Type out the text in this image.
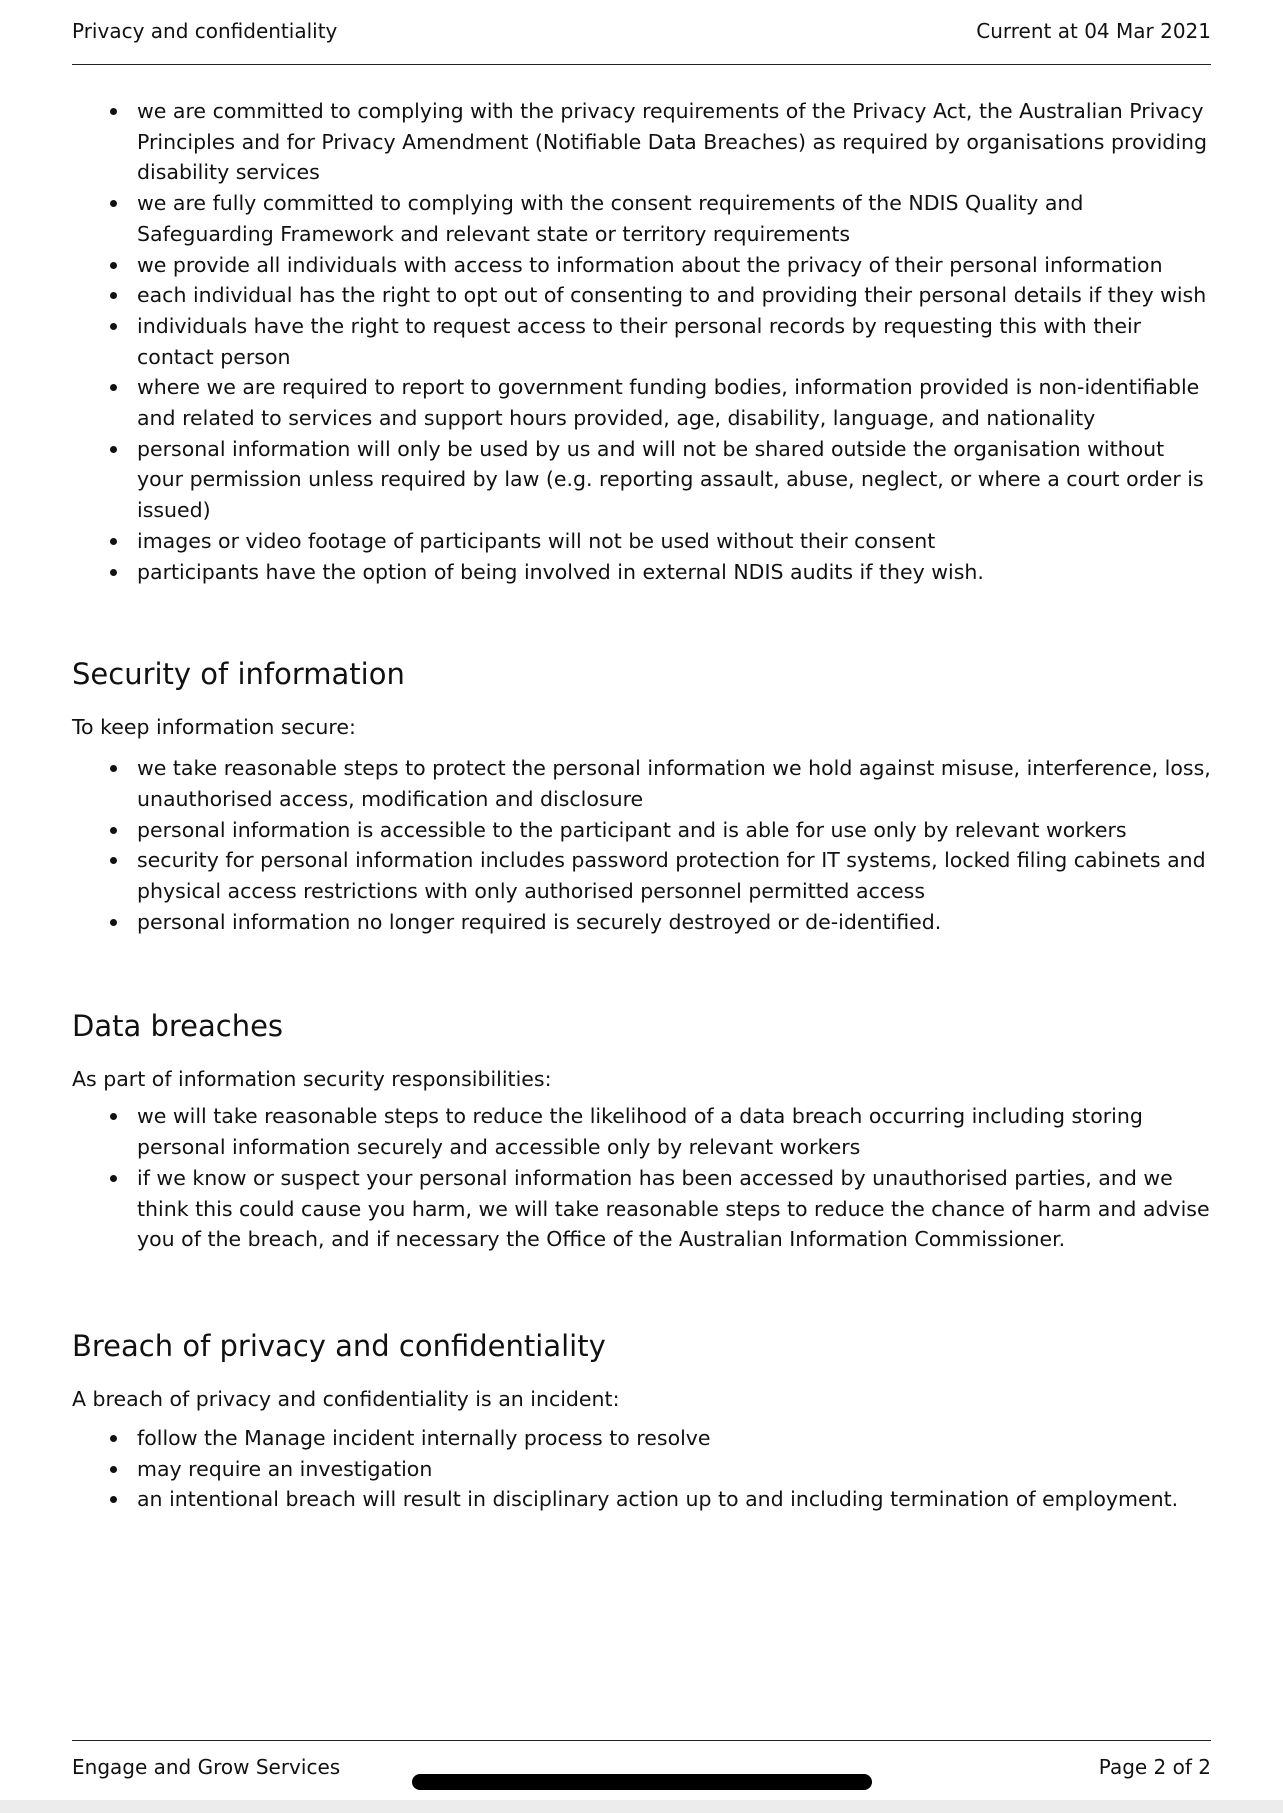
Privacy and confidentiality	Current at 04 Mar 2021
we are committed to complying with the privacy requirements of the Privacy Act, the Australian Privacy Principles and for Privacy Amendment (Notifiable Data Breaches) as required by organisations providing disability services
we are fully committed to complying with the consent requirements of the NDIS Quality and Safeguarding Framework and relevant state or territory requirements
we provide all individuals with access to information about the privacy of their personal information
each individual has the right to opt out of consenting to and providing their personal details if they wish
individuals have the right to request access to their personal records by requesting this with their contact person
where we are required to report to government funding bodies, information provided is non-identifiable and related to services and support hours provided, age, disability, language, and nationality
personal information will only be used by us and will not be shared outside the organisation without your permission unless required by law (e.g. reporting assault, abuse, neglect, or where a court order is issued)
images or video footage of participants will not be used without their consent
participants have the option of being involved in external NDIS audits if they wish.
Security of information

To keep information secure:

we take reasonable steps to protect the personal information we hold against misuse, interference, loss, unauthorised access, modification and disclosure
personal information is accessible to the participant and is able for use only by relevant workers
security for personal information includes password protection for IT systems, locked filing cabinets and physical access restrictions with only authorised personnel permitted access
personal information no longer required is securely destroyed or de-identified.
Data breaches

As part of information security responsibilities:

we will take reasonable steps to reduce the likelihood of a data breach occurring including storing personal information securely and accessible only by relevant workers
if we know or suspect your personal information has been accessed by unauthorised parties, and we think this could cause you harm, we will take reasonable steps to reduce the chance of harm and advise you of the breach, and if necessary the Office of the Australian Information Commissioner.
Breach of privacy and confidentiality

A breach of privacy and confidentiality is an incident:

follow the Manage incident internally process to resolve
may require an investigation
an intentional breach will result in disciplinary action up to and including termination of employment.
Engage and Grow Services	Page 2 of 2
